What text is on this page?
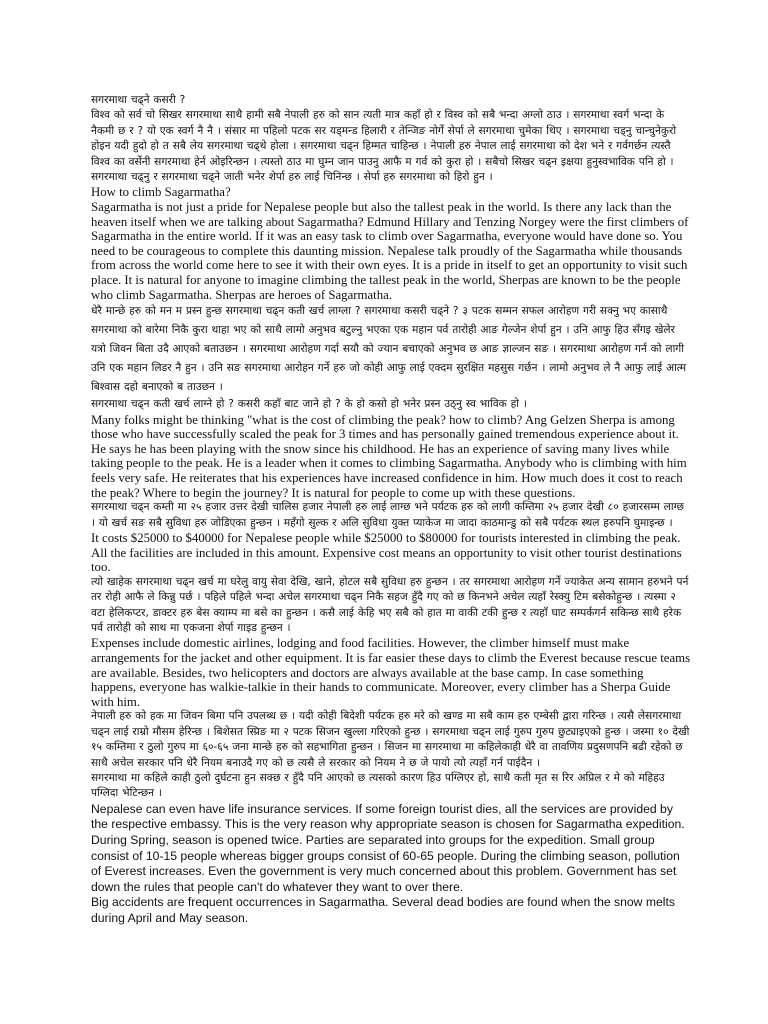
सगरमाथा चढ्ने कसरी ?

विश्व को सर्व चो सिखर सगरमाथा साथै हामी सबै नेपाली हरु को सान त्यती मात्र कहाँ हो र विस्व को सबै भन्दा अग्लो ठाउ । सगरमाथा स्वर्ग भन्दा के नैकमी छ र ? यो एक स्वर्ग नै नै । संसार मा पहिलो पटक सर यड्मन्ड हिलारी र तेन्जिङ नोर्गे सेर्पा ले सगरमाथा चुमेका थिए । सगरमाथा चड्नु चान्चुनेकुरो होइन यदी हुदो हो त सबै लेय सगरमाथा चढ्थे होला । सगरमाथा चढ्न हिम्मत चाहिन्छ । नेपाली हरु नेपाल लाई सगरमाथा को देश भने र गर्वगर्छन त्यस्तै विश्व का वर्सेनी सगरमाथा हेर्न ओइरिन्छन । त्यस्तो ठाउ मा घुम्न जान पाउनु आफै म गर्व को कुरा हो । सबैचो सिखर चढ्न इक्षया हुनुस्वभाविक पनि हो । सगरमाथा चढ्नु र सगरमाथा चढ्ने जाती भनेर शेर्पा हरु लाई चिनिन्छ । सेर्पा हरु सगरमाथा को हिरो हुन ।

How to climb Sagarmatha?

Sagarmatha is not just a pride for Nepalese people but also the tallest peak in the world. Is there any lack than the heaven itself when we are talking about Sagarmatha? Edmund Hillary and Tenzing Norgey were the first climbers of Sagarmatha in the entire world. If it was an easy task to climb over Sagarmatha, everyone would have done so. You need to be courageous to complete this daunting mission. Nepalese talk proudly of the Sagarmatha while thousands from across the world come here to see it with their own eyes. It is a pride in itself to get an opportunity to visit such place. It is natural for anyone to imagine climbing the tallest peak in the world, Sherpas are known to be the people who climb Sagarmatha. Sherpas are heroes of Sagarmatha.

धेरै मान्छे हरु को मन म प्रस्न हुन्छ सगरमाथा चढ्न कती खर्च लाग्ला ? सगरमाथा कसरी चढ्ने ? ३ पटक सम्मन सफल आरोहण गरी सक्नु भए कासाथै सगरमाथा को बारेमा निकै कुरा थाहा भए को साथै लामो अनुभव बटुल्नु भएका एक महान पर्व तारोही आङ गेल्जेन शेर्पा हुन । उनि आफु हिउ सँगइ खेलेर यत्रो जिवन बिता उदै आएको बताउछन । सगरमाथा आरोहण गर्दा सयौ को ज्यान बचाएको अनुभव छ आङ ज्ञाल्जन सङ । सगरमाथा आरोहण गर्न को लागी उनि एक महान लिडर नै हुन । उनि सङ सगरमाथा आरोहन गर्ने हरु जो कोही आफु लाई एक्दम सुरक्षित महसुस गर्छन । लामो अनुभव ले नै आफु लाई आत्म बिश्वास दहो बनाएको ब ताउछन ।

सगरमाथा चढ्न कती खर्च लाग्ने हो ? कसरी कहाँ बाट जाने हो ? के हो कसो हो भनेर प्रस्न उठ्नु स्व भाविक हो ।

Many folks might be thinking "what is the cost of climbing the peak? how to climb? Ang Gelzen Sherpa is among those who have successfully scaled the peak for 3 times and has personally gained tremendous experience about it. He says he has been playing with the snow since his childhood. He has an experience of saving many lives while taking people to the peak. He is a leader when it comes to climbing Sagarmatha. Anybody who is climbing with him feels very safe. He reiterates that his experiences have increased confidence in him. How much does it cost to reach the peak? Where to begin the journey? It is natural for people to come up with these questions.

सगरमाथा चढ्न कम्ती मा २५ हजार उत्तर देखी चालिस हजार नेपाली हरु लाई लाग्छ भने पर्यटक हरु को लागी कम्तिमा २५ हजार देखी ८० हजारसम्म लाग्छ । यो खर्च सङ सबै सुविधा हरु जोडिएका हुन्छन । महँगो सुल्क र अलि सुविधा युक्त प्याकेज मा जादा काठमान्डु को सबै पर्यटक स्थल हरुपनि घुमाइन्छ ।

It costs $25000 to $40000 for Nepalese people while $25000 to $80000 for tourists interested in climbing the peak. All the facilities are included in this amount. Expensive cost means an opportunity to visit other tourist destinations too.

त्यो खाहेक सगरमाथा चढ्न खर्च मा घरेलु वायु सेवा देखि, खाने, होटल सबै सुविधा हरु हुन्छन । तर सगरमाथा आरोहण गर्ने ज्याकेत अन्य सामान हरुभने पर्न तर रोही आफै ले किन्नु पर्छ । पहिले पहिले भन्दा अचेल सगरमाथा चढ्न निकै सहज हुँदै गए को छ किनभने अचेल त्यहाँ रेस्क्यु टिम बसेकोहुन्छ । त्यस्मा २ वटा हेलिकप्टर, डाक्टर हरु बेस क्याम्प मा बसे का हुन्छन । कसै लाई केहि भए सबै को हात मा वाकी टकी हुन्छ र त्यहाँ घाट सम्पर्कगर्न सकिन्छ साथै हरेक पर्व तारोही को साथ मा एकजना शेर्पा गाइड हुन्छन ।

Expenses include domestic airlines, lodging and food facilities. However, the climber himself must make arrangements for the jacket and other equipment. It is far easier these days to climb the Everest because rescue teams are available. Besides, two helicopters and doctors are always available at the base camp. In case something happens, everyone has walkie-talkie in their hands to communicate. Moreover, every climber has a Sherpa Guide with him.

नेपाली हरु को हक मा जिवन बिमा पनि उपलब्ध छ । यदी कोही बिदेशी पर्यटक हरु मरे को खण्ड मा सबै काम हरु एम्बेसी द्वारा गरिन्छ । त्यसै लेसगरमाथा चढ्न लाई राम्रो मौसम हेरिन्छ । बिशेसत स्प्रिङ मा २ पटक सिजन खुल्ला गरिएको हुन्छ । सगरमाथा चढ्न लाई गुरुप गुरुप छुट्याइएको हुन्छ । जस्मा १० देखी १५ कम्तिमा र ठुलो गुरुप मा ६०-६५ जना मान्छे हरु को सहभागिता हुन्छन । सिजन मा सगरमाथा मा कहिलेकाही धेरै वा तावणिय प्रदुसणपनि बढी रहेको छ साथै अचेल सरकार पनि धेरै नियम बनाउदै गए को छ त्यसै ले सरकार को नियम ने छ जे पायो त्यो त्यहाँ गर्न पाईदैन ।

सगरमाथा मा कहिले काही ठुलो दुर्घटना हुन सक्छ र हुँदै पनि आएको छ त्यसको कारण हिउ पग्लिएर हो, साथै कती मृत स रिर अप्रिल र मे को महिहउ पग्लिदा भेटिन्छन ।

Nepalese can even have life insurance services. If some foreign tourist dies, all the services are provided by the respective embassy. This is the very reason why appropriate season is chosen for Sagarmatha expedition. During Spring, season is opened twice. Parties are separated into groups for the expedition. Small group consist of 10-15 people whereas bigger groups consist of 60-65 people. During the climbing season, pollution of Everest increases. Even the government is very much concerned about this problem. Government has set down the rules that people can't do whatever they want to over there.

Big accidents are frequent occurrences in Sagarmatha. Several dead bodies are found when the snow melts during April and May season.
